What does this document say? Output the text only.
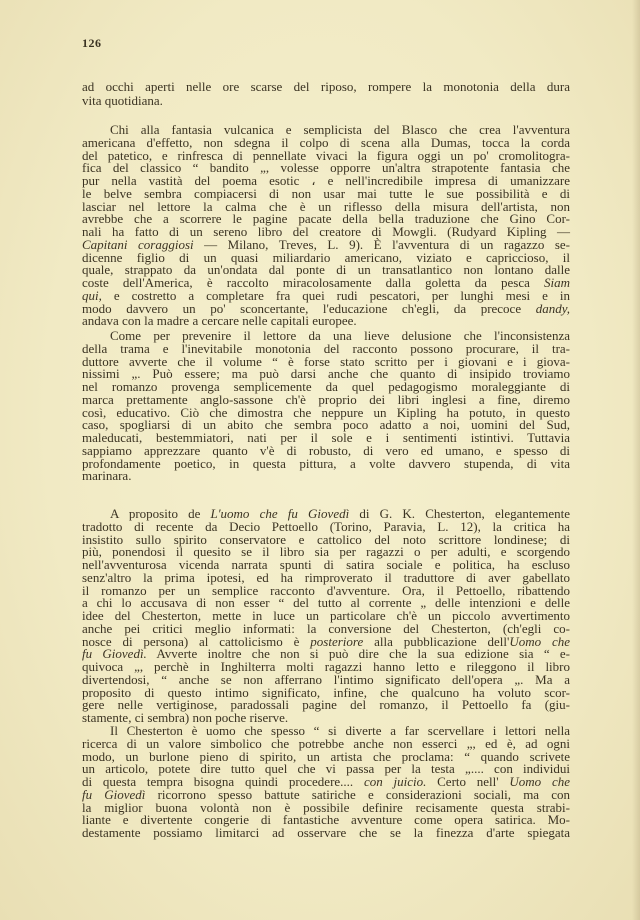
126
ad occhi aperti nelle ore scarse del riposo, rompere la monotonia della dura
vita quotidiana.
Chi alla fantasia vulcanica e semplicista del Blasco che crea l'avventura
americana d'effetto, non sdegna il colpo di scena alla Dumas, tocca la corda
del patetico, e rinfresca di pennellate vivaci la figura oggi un po' cromolitogra-
fica del classico “ bandito „, volesse opporre un'altra strapotente fantasia che
pur nella vastità del poema esotic ، e nell'incredibile impresa di umanizzare
le belve sembra compiacersi di non usar mai tutte le sue possibilità e di
lasciar nel lettore la calma che è un riflesso della misura dell'artista, non
avrebbe che a scorrere le pagine pacate della bella traduzione che Gino Cor-
nali ha fatto di un sereno libro del creatore di Mowgli. (Rudyard Kipling —
Capitani coraggiosi — Milano, Treves, L. 9). È l'avventura di un ragazzo se-
dicenne figlio di un quasi miliardario americano, viziato e capriccioso, il
quale, strappato da un'ondata dal ponte di un transatlantico non lontano dalle
coste dell'America, è raccolto miracolosamente dalla goletta da pesca Siam
qui, e costretto a completare fra quei rudi pescatori, per lunghi mesi e in
modo davvero un po' sconcertante, l'educazione ch'egli, da precoce dandy,
andava con la madre a cercare nelle capitali europee.
Come per prevenire il lettore da una lieve delusione che l'inconsistenza
della trama e l'inevitabile monotonia del racconto possono procurare, il tra-
duttore avverte che il volume “ è forse stato scritto per i giovani e i giova-
nissimi „. Può essere; ma può darsi anche che quanto di insipido troviamo
nel romanzo provenga semplicemente da quel pedagogismo moraleggiante di
marca prettamente anglo-sassone ch'è proprio dei libri inglesi a fine, diremo
così, educativo. Ciò che dimostra che neppure un Kipling ha potuto, in questo
caso, spogliarsi di un abito che sembra poco adatto a noi, uomini del Sud,
maleducati, bestemmiatori, nati per il sole e i sentimenti istintivi. Tuttavia
sappiamo apprezzare quanto v'è di robusto, di vero ed umano, e spesso di
profondamente poetico, in questa pittura, a volte davvero stupenda, di vita
marinara.
A proposito de L'uomo che fu Giovedì di G. K. Chesterton, elegantemente
tradotto di recente da Decio Pettoello (Torino, Paravia, L. 12), la critica ha
insistito sullo spirito conservatore e cattolico del noto scrittore londinese; di
più, ponendosi il quesito se il libro sia per ragazzi o per adulti, e scorgendo
nell'avventurosa vicenda narrata spunti di satira sociale e politica, ha escluso
senz'altro la prima ipotesi, ed ha rimproverato il traduttore di aver gabellato
il romanzo per un semplice racconto d'avventure. Ora, il Pettoello, ribattendo
a chi lo accusava di non esser “ del tutto al corrente „ delle intenzioni e delle
idee del Chesterton, mette in luce un particolare ch'è un piccolo avvertimento
anche pei critici meglio informati: la conversione del Chesterton, (ch'egli co-
nosce di persona) al cattolicismo è posteriore alla pubblicazione dell'Uomo che
fu Giovedì. Avverte inoltre che non si può dire che la sua edizione sia “ e-
quivoca „, perchè in Inghilterra molti ragazzi hanno letto e rileggono il libro
divertendosi, “ anche se non afferrano l'intimo significato dell'opera „. Ma a
proposito di questo intimo significato, infine, che qualcuno ha voluto scor-
gere nelle vertiginose, paradossali pagine del romanzo, il Pettoello fa (giu-
stamente, ci sembra) non poche riserve.
Il Chesterton è uomo che spesso “ si diverte a far scervellare i lettori nella
ricerca di un valore simbolico che potrebbe anche non esserci „, ed è, ad ogni
modo, un burlone pieno di spirito, un artista che proclama: “ quando scrivete
un articolo, potete dire tutto quel che vi passa per la testa „.... con individui
di questa tempra bisogna quindi procedere.... con juicio. Certo nell' Uomo che
fu Giovedì ricorrono spesso battute satiriche e considerazioni sociali, ma con
la miglior buona volontà non è possibile definire recisamente questa strabi-
liante e divertente congerie di fantastiche avventure come opera satirica. Mo-
destamente possiamo limitarci ad osservare che se la finezza d'arte spiegata
